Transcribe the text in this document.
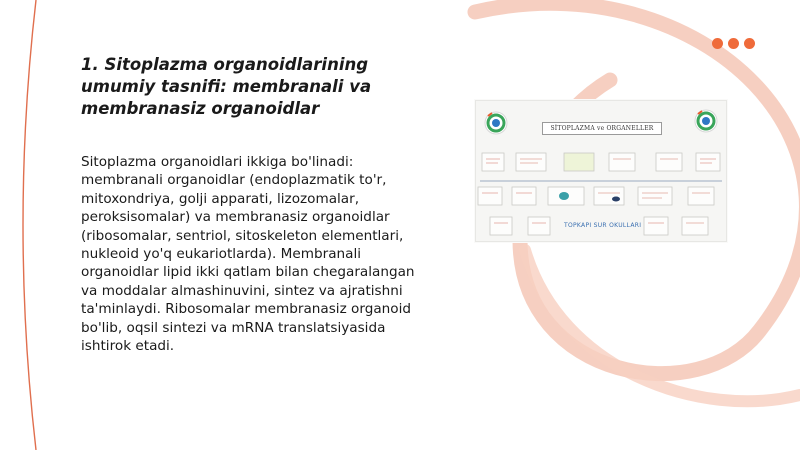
1. Sitoplazma organoidlarining umumiy tasnifi: membranali va membranasiz organoidlar

Sitoplazma organoidlari ikkiga bo'linadi: membranali organoidlar (endoplazmatik to'r, mitoxondriya, golji apparati, lizozomalar, peroksisomalar) va membranasiz organoidlar (ribosomalar, sentriol, sitoskeleton elementlari, nukleoid yo'q eukariotlarda). Membranali organoidlar lipid ikki qatlam bilan chegaralangan va moddalar almashinuvini, sintez va ajratishni ta'minlaydi. Ribosomalar membranasiz organoid bo'lib, oqsil sintezi va mRNA translatsiyasida ishtirok etadi.

SİTOPLAZMA ve ORGANELLER
TOPKAPI SUR OKULLARI
